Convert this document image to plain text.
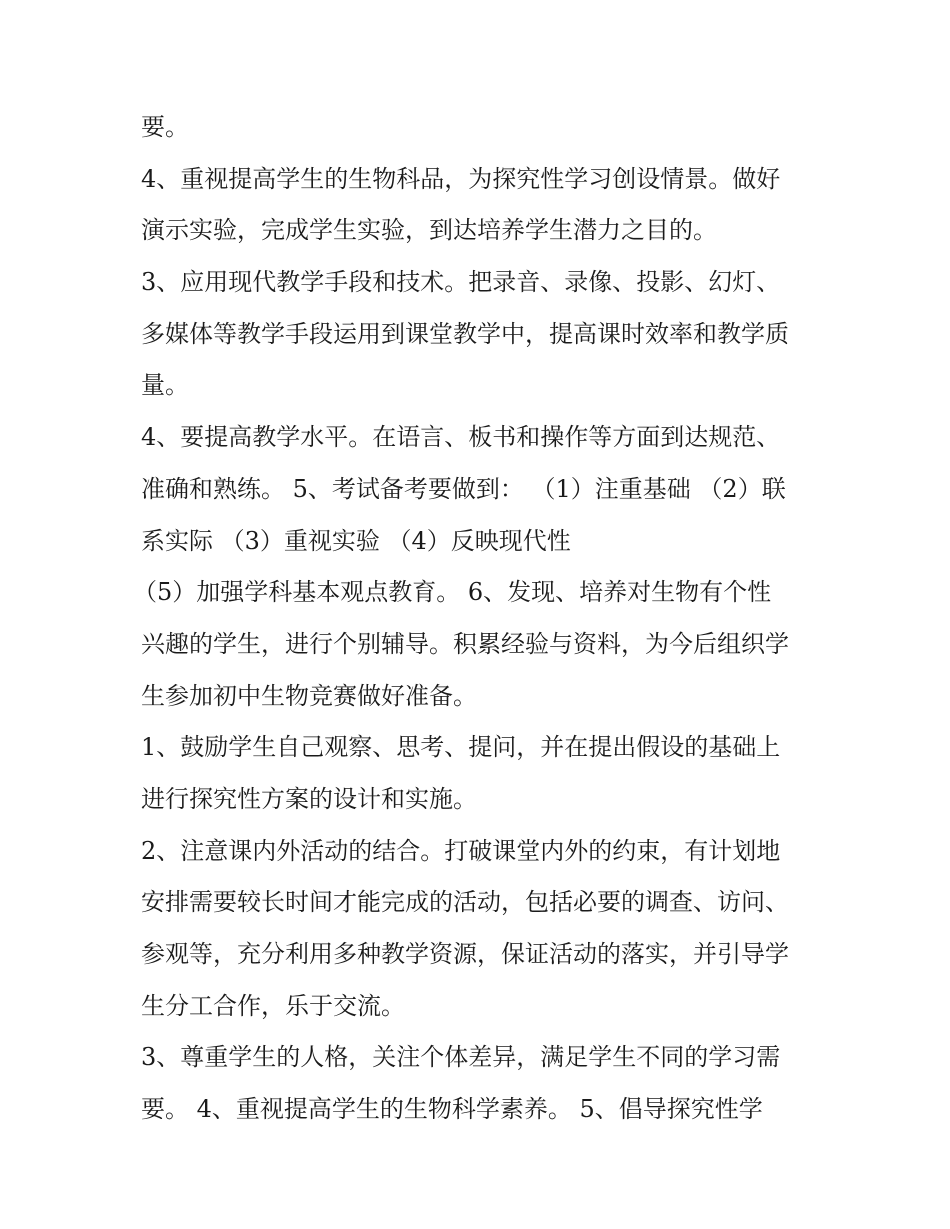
要。
4、重视提高学生的生物科品，为探究性学习创设情景。做好
演示实验，完成学生实验，到达培养学生潜力之目的。
3、应用现代教学手段和技术。把录音、录像、投影、幻灯、
多媒体等教学手段运用到课堂教学中，提高课时效率和教学质
量。
4、要提高教学水平。在语言、板书和操作等方面到达规范、
准确和熟练。 5、考试备考要做到： （1）注重基础 （2）联
系实际 （3）重视实验 （4）反映现代性
（5）加强学科基本观点教育。 6、发现、培养对生物有个性
兴趣的学生，进行个别辅导。积累经验与资料，为今后组织学
生参加初中生物竞赛做好准备。
1、鼓励学生自己观察、思考、提问，并在提出假设的基础上
进行探究性方案的设计和实施。
2、注意课内外活动的结合。打破课堂内外的约束，有计划地
安排需要较长时间才能完成的活动，包括必要的调查、访问、
参观等，充分利用多种教学资源，保证活动的落实，并引导学
生分工合作，乐于交流。
3、尊重学生的人格，关注个体差异，满足学生不同的学习需
要。 4、重视提高学生的生物科学素养。 5、倡导探究性学
